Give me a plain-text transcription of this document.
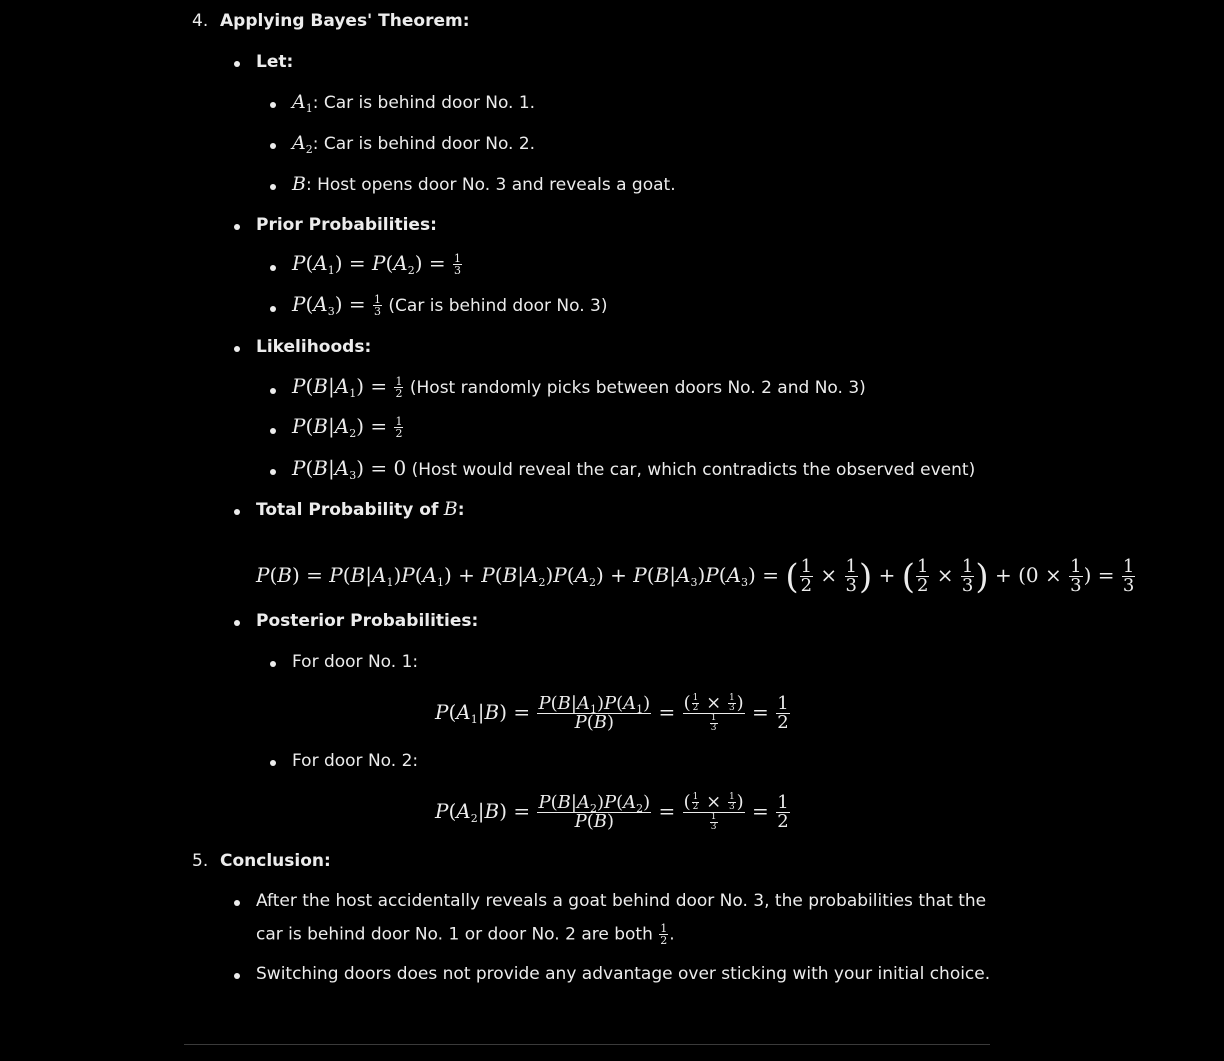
4. Applying Bayes' Theorem:
Let:
$A_1$: Car is behind door No. 1.
$A_2$: Car is behind door No. 2.
B: Host opens door No. 3 and reveals a goat.
Prior Probabilities:
$P(A_1) = P(A_2) = \frac{1}{3}$
$P(A_3) = \frac{1}{3} (Car$ is behind door No. 3)
Likelihoods:
$P(B|A_1) = \frac{1}{2}$ (Host randomly picks between doors No. 2 and No. 3)
$P(B|A_2) = \frac{1}{2}$
$P(B|A_3) = 0$ (Host would reveal the car, which contradicts the observed event)
Total Probability of B:
$P(B) = P(B|A_1)P(A_1) + P(B|A_2)P(A_2) + P(B|A_3)P(A_3)$ = ( $\frac{1}{2} \times \frac{1}{3}$ ) + ( $\frac{1}{2} \times \frac{1}{3}$ ) + ($0 \times \frac{1}{3}$ ) = $\frac{1}{3}$
Posterior Probabilities:
For door No. 1:
$P(A_1|B) = \frac{P(B|A_1)P(A_1)}{P(B)} = \frac{( \frac{1}{2} \times \frac{1}{3} )}{\frac{1}{3}} = \frac{1}{2}$
For door No. 2:
$P(A_2|B) = \frac{P(B|A_2)P(A_2)}{P(B)} = \frac{( \frac{1}{2} \times \frac{1}{3} )}{\frac{1}{3}} = \frac{1}{2}$
5. Conclusion:
After the host accidentally reveals a goat behind door No. 3, the probabilities that the
car is behind door No. 1 or door No. 2 are both $\frac{1}{2}$ .
Switching doors does not provide any advantage over sticking with your initial choice.
